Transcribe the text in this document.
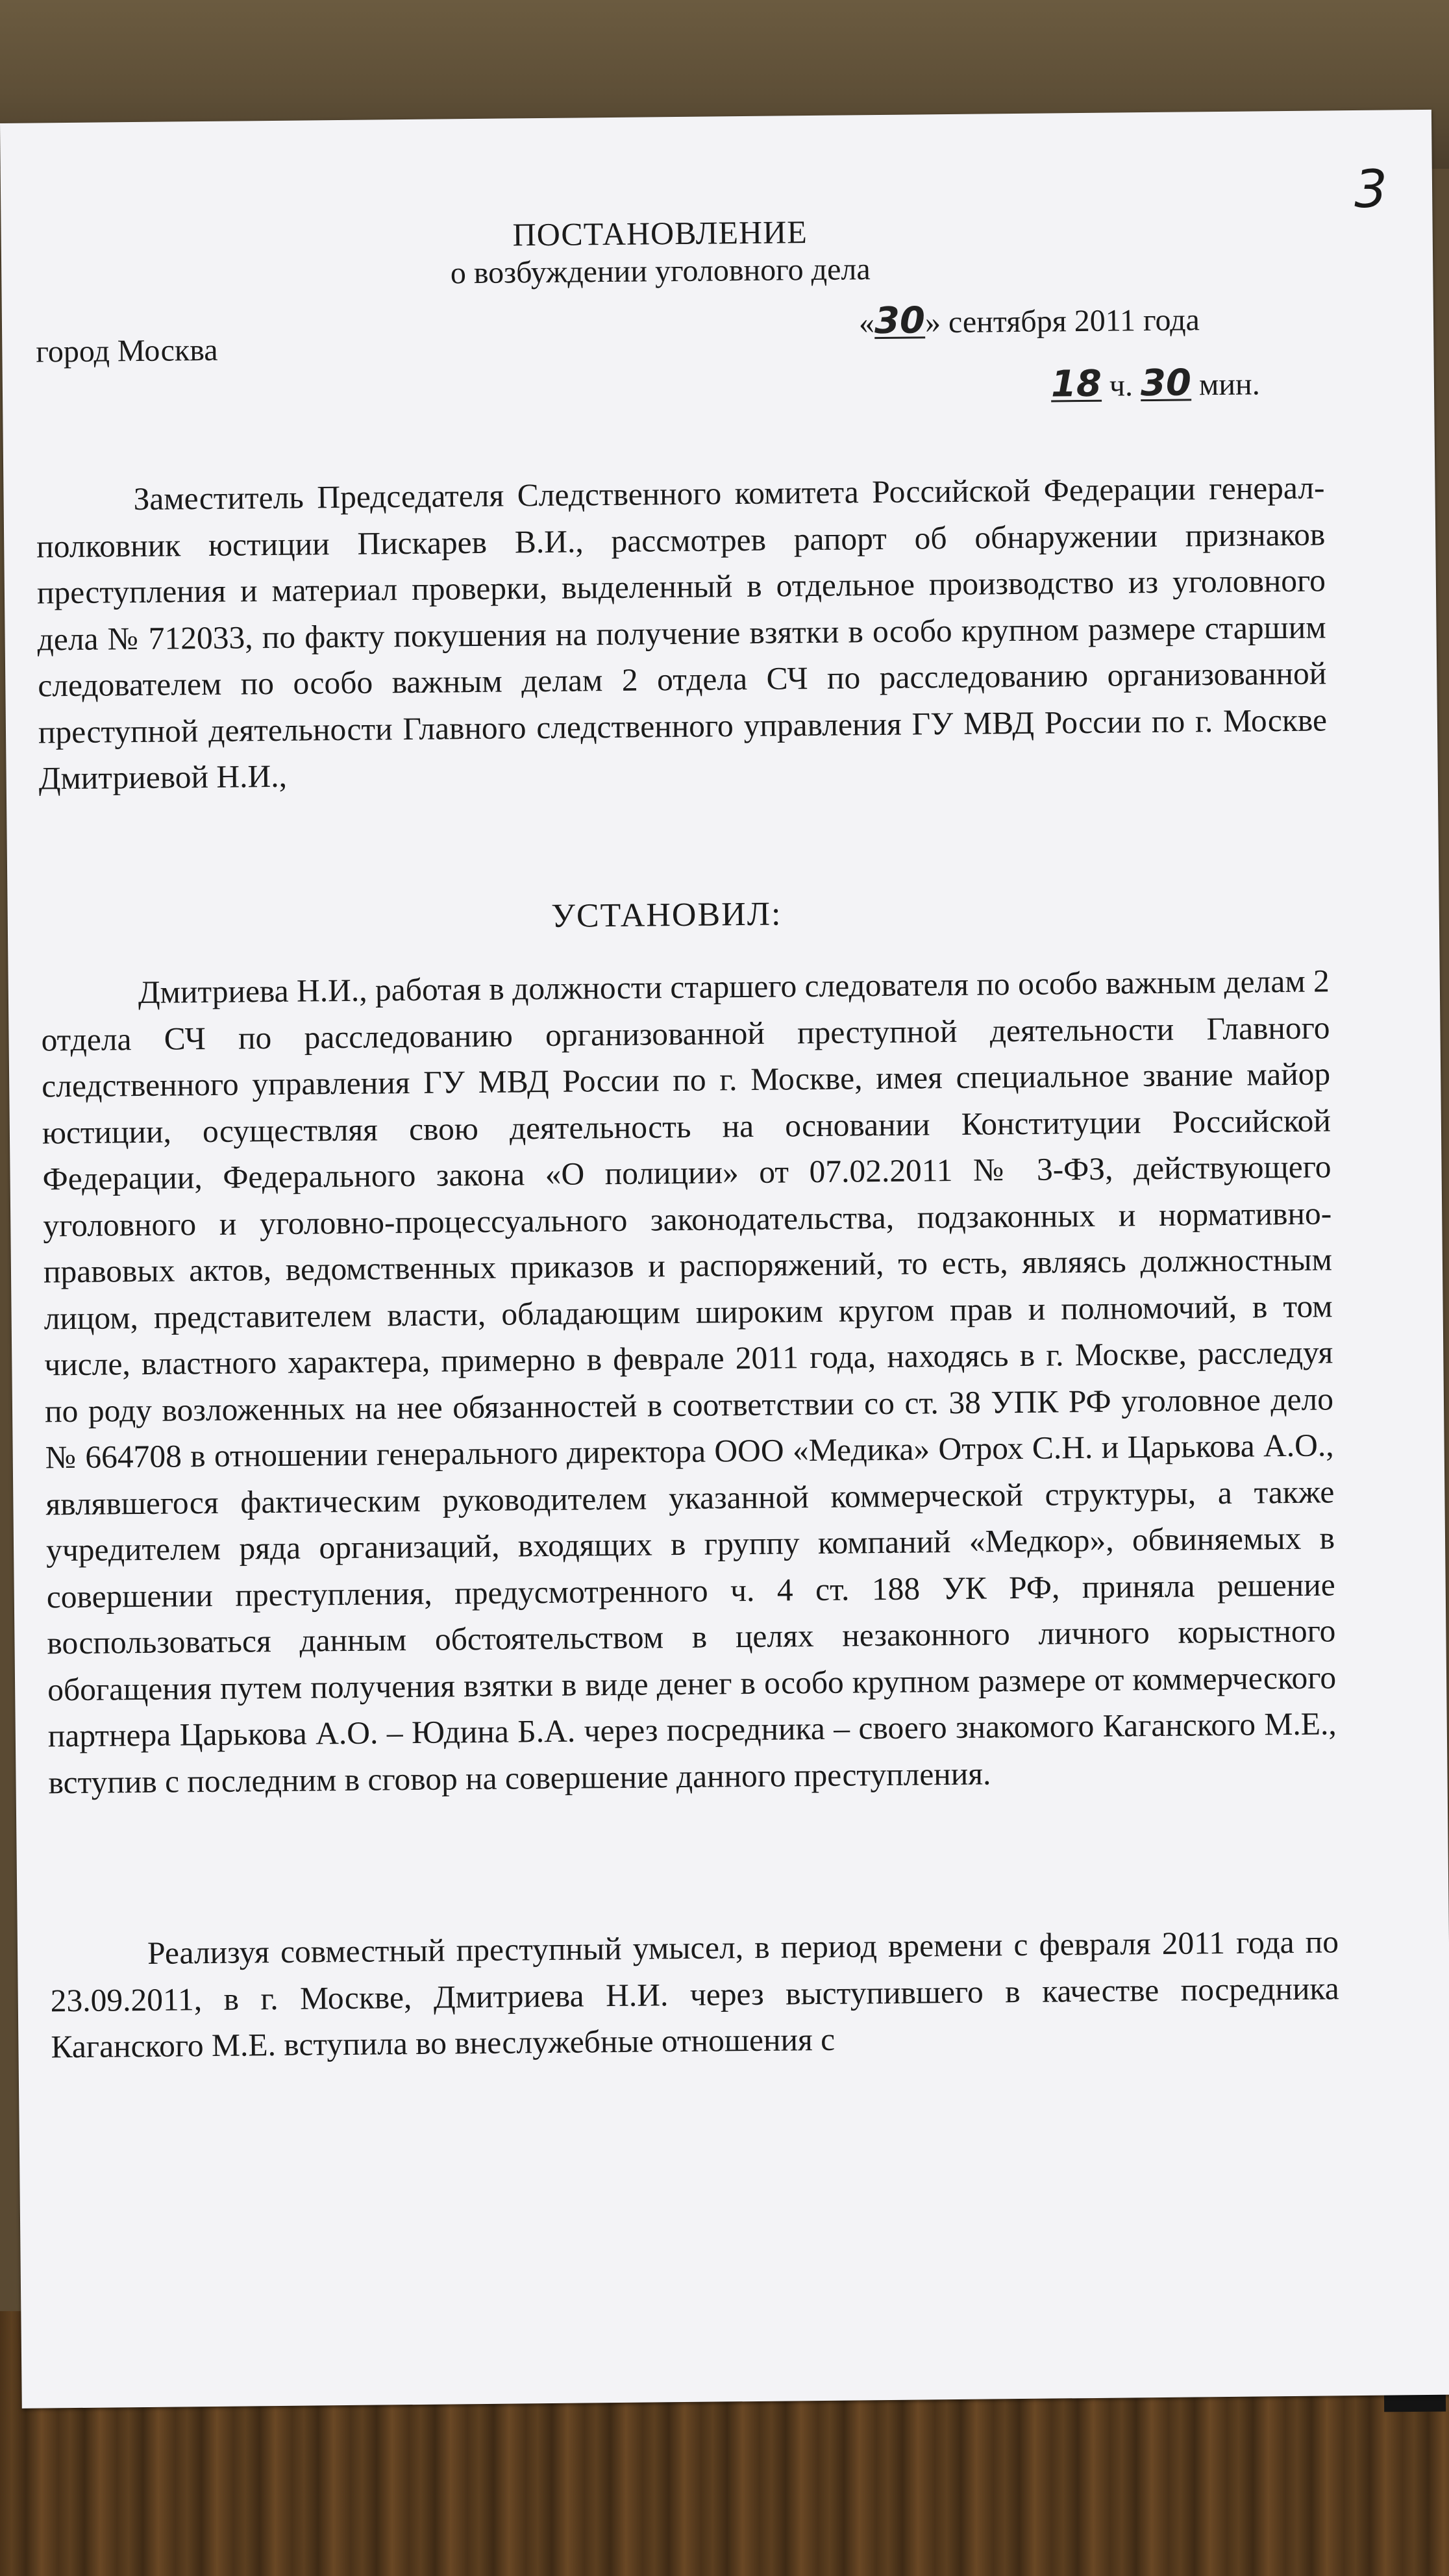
3
ПОСТАНОВЛЕНИЕ
о возбуждении уголовного дела
город Москва
«30» сентября 2011 года
18 ч. 30 мин.
Заместитель Председателя Следственного комитета Российской Федерации генерал-полковник юстиции Пискарев В.И., рассмотрев рапорт об обнаружении признаков преступления и материал проверки, выделенный в отдельное производство из уголовного дела № 712033, по факту покушения на получение взятки в особо крупном размере старшим следователем по особо важным делам 2 отдела СЧ по расследованию организованной преступной деятельности Главного следственного управления ГУ МВД России по г. Москве Дмитриевой Н.И.,
УСТАНОВИЛ:
Дмитриева Н.И., работая в должности старшего следователя по особо важным делам 2 отдела СЧ по расследованию организованной преступной деятельности Главного следственного управления ГУ МВД России по г. Москве, имея специальное звание майор юстиции, осуществляя свою деятельность на основании Конституции Российской Федерации, Федерального закона «О полиции» от 07.02.2011 № 3-ФЗ, действующего уголовного и уголовно-процессуального законодательства, подзаконных и нормативно-правовых актов, ведомственных приказов и распоряжений, то есть, являясь должностным лицом, представителем власти, обладающим широким кругом прав и полномочий, в том числе, властного характера, примерно в феврале 2011 года, находясь в г. Москве, расследуя по роду возложенных на нее обязанностей в соответствии со ст. 38 УПК РФ уголовное дело № 664708 в отношении генерального директора ООО «Медика» Отрох С.Н. и Царькова А.О., являвшегося фактическим руководителем указанной коммерческой структуры, а также учредителем ряда организаций, входящих в группу компаний «Медкор», обвиняемых в совершении преступления, предусмотренного ч. 4 ст. 188 УК РФ, приняла решение воспользоваться данным обстоятельством в целях незаконного личного корыстного обогащения путем получения взятки в виде денег в особо крупном размере от коммерческого партнера Царькова А.О. – Юдина Б.А. через посредника – своего знакомого Каганского М.Е., вступив с последним в сговор на совершение данного преступления.
Реализуя совместный преступный умысел, в период времени с февраля 2011 года по 23.09.2011, в г. Москве, Дмитриева Н.И. через выступившего в качестве посредника Каганского М.Е. вступила во внеслужебные отношения с
